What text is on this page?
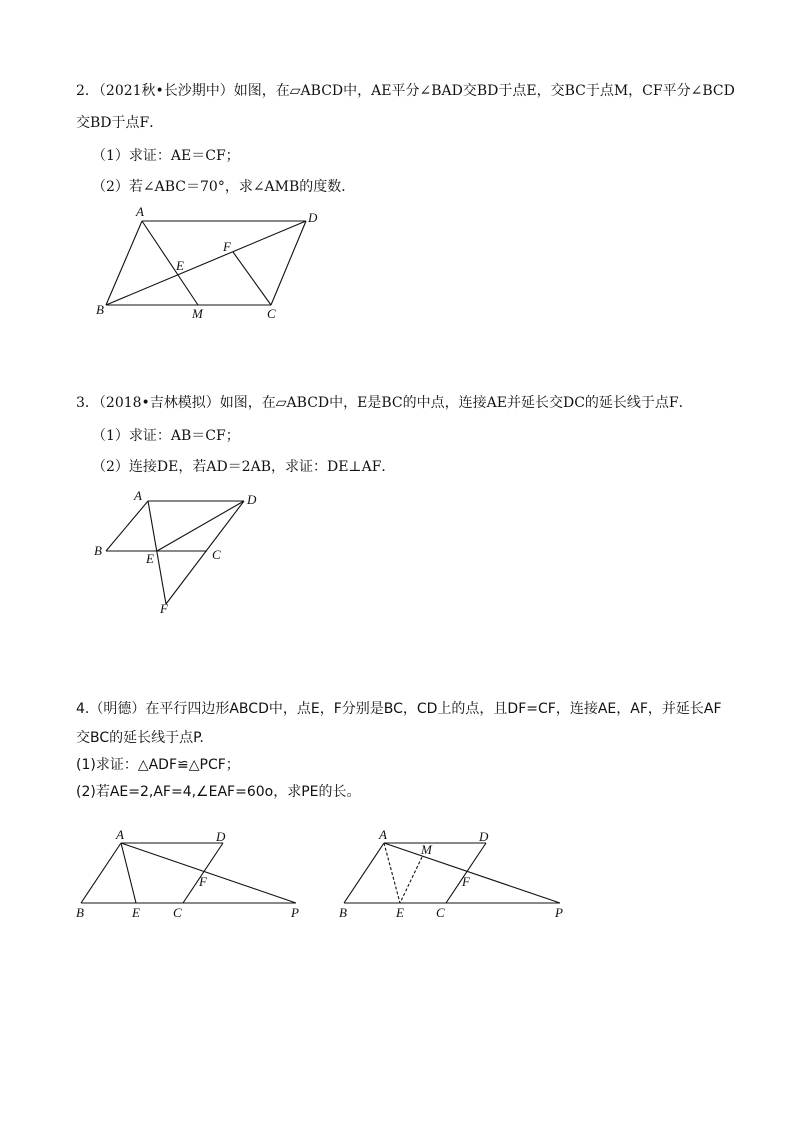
2．（2021秋•长沙期中）如图，在▱ABCD中，AE平分∠BAD交BD于点E，交BC于点M，CF平分∠BCD
交BD于点F．
（1）求证：AE＝CF；
（2）若∠ABC＝70°，求∠AMB的度数．
A	D
B	M	C
E
F
3．（2018•吉林模拟）如图，在▱ABCD中，E是BC的中点，连接AE并延长交DC的延长线于点F．
（1）求证：AB＝CF；
（2）连接DE，若AD＝2AB，求证：DE⊥AF．
A	D
B
E	C
F
4.（明德）在平行四边形ABCD中，点E，F分别是BC，CD上的点，且DF=CF，连接AE，AF，并延长AF
交BC的延长线于点P.
(1)求证：△ADF≌△PCF；
(2)若AE=2,AF=4,∠EAF=60o，求PE的长。
A	D
B	E	C
F
P
A	D
M
B	E C
F
P
